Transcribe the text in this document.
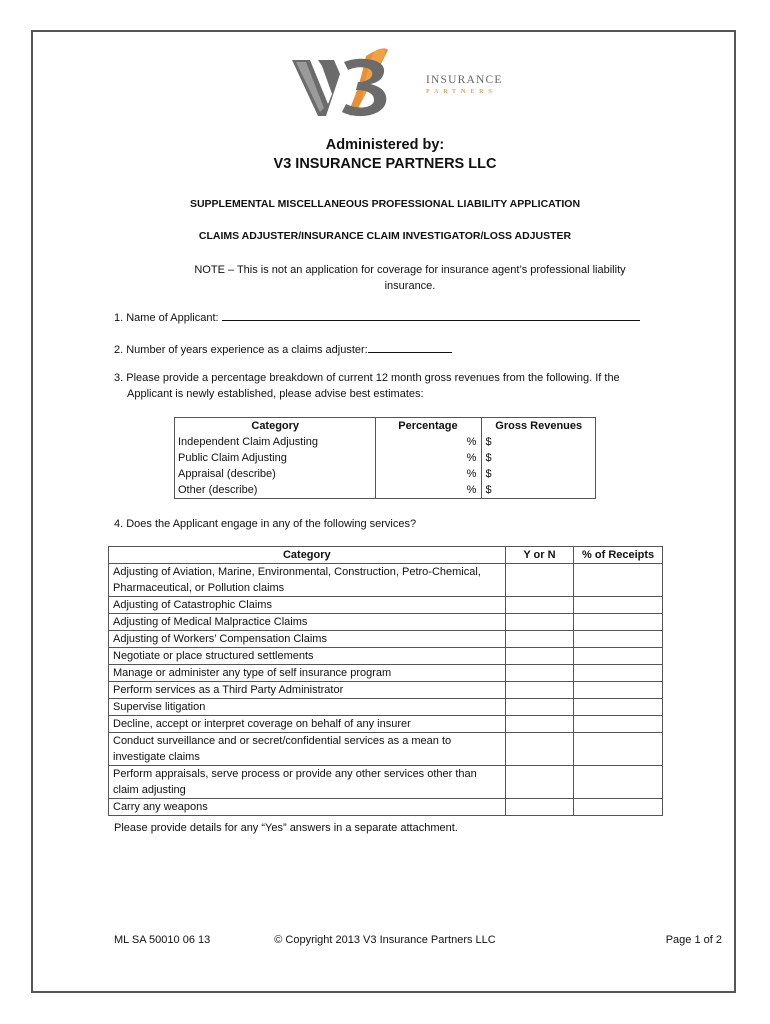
INSURANCE
PARTNERS
Administered by:
V3 INSURANCE PARTNERS LLC
SUPPLEMENTAL MISCELLANEOUS PROFESSIONAL LIABILITY APPLICATION
CLAIMS ADJUSTER/INSURANCE CLAIM INVESTIGATOR/LOSS ADJUSTER
NOTE – This is not an application for coverage for insurance agent’s professional liability insurance.
1. Name of Applicant:
2. Number of years experience as a claims adjuster:
3. Please provide a percentage breakdown of current 12 month gross revenues from the following. If the
Applicant is newly established, please advise best estimates:
Category	Percentage	Gross Revenues
Independent Claim Adjusting	%	$
Public Claim Adjusting	%	$
Appraisal (describe)	%	$
Other (describe)	%	$
4. Does the Applicant engage in any of the following services?
Category	Y or N	% of Receipts
Adjusting of Aviation, Marine, Environmental, Construction, Petro-Chemical, Pharmaceutical, or Pollution claims		
Adjusting of Catastrophic Claims		
Adjusting of Medical Malpractice Claims		
Adjusting of Workers’ Compensation Claims		
Negotiate or place structured settlements		
Manage or administer any type of self insurance program		
Perform services as a Third Party Administrator		
Supervise litigation		
Decline, accept or interpret coverage on behalf of any insurer		
Conduct surveillance and or secret/confidential services as a mean to investigate claims		
Perform appraisals, serve process or provide any other services other than claim adjusting		
Carry any weapons		
Please provide details for any “Yes” answers in a separate attachment.
ML SA 50010 06 13	© Copyright 2013 V3 Insurance Partners LLC	Page 1 of 2
